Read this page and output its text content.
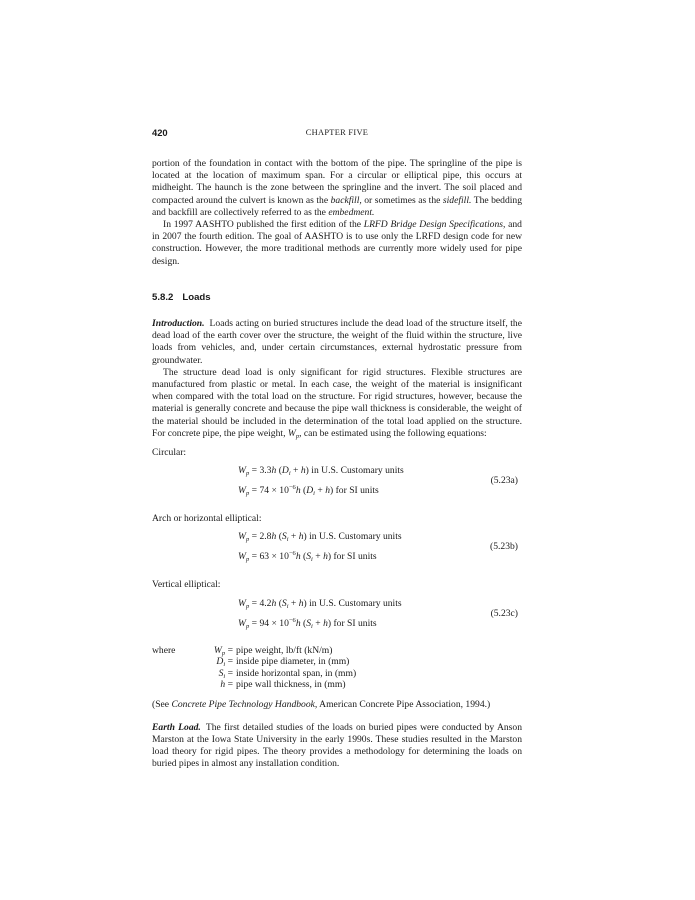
420	CHAPTER FIVE

portion of the foundation in contact with the bottom of the pipe. The springline of the pipe is located at the location of maximum span. For a circular or elliptical pipe, this occurs at midheight. The haunch is the zone between the springline and the invert. The soil placed and compacted around the culvert is known as the backfill, or sometimes as the sidefill. The bedding and backfill are collectively referred to as the embedment.

In 1997 AASHTO published the first edition of the LRFD Bridge Design Specifications, and in 2007 the fourth edition. The goal of AASHTO is to use only the LRFD design code for new construction. However, the more traditional methods are currently more widely used for pipe design.

5.8.2 Loads

Introduction. Loads acting on buried structures include the dead load of the structure itself, the dead load of the earth cover over the structure, the weight of the fluid within the structure, live loads from vehicles, and, under certain circumstances, external hydrostatic pressure from groundwater.

The structure dead load is only significant for rigid structures. Flexible structures are manufactured from plastic or metal. In each case, the weight of the material is insignificant when compared with the total load on the structure. For rigid structures, however, because the material is generally concrete and because the pipe wall thickness is considerable, the weight of the material should be included in the determination of the total load applied on the structure. For concrete pipe, the pipe weight, $W_p$, can be estimated using the following equations:

Circular:
$W_p = 3.3h$ $(D_i + h)$ in U.S. Customary units
$W_p = 74 \times 10^{-6}h$ $(D_i + h)$ for SI units
(5.23a)
Arch or horizontal elliptical:
$W_p = 2.8h$ $(S_i + h)$ in U.S. Customary units
$W_p = 63 \times 10^{-6}h$ $(S_i + h)$ for SI units
(5.23b)
Vertical elliptical:
$W_p = 4.2h$ $(S_i + h)$ in U.S. Customary units
$W_p = 94 \times 10^{-6}h$ $(S_i + h)$ for SI units
(5.23c)
where	$W_p$ = pipe weight, lb/ft (kN/m)
$D_i$ = inside pipe diameter, in (mm)
$S_i$ = inside horizontal span, in (mm)
h = pipe wall thickness, in (mm)

(See Concrete Pipe Technology Handbook, American Concrete Pipe Association, 1994.)

Earth Load. The first detailed studies of the loads on buried pipes were conducted by Anson Marston at the Iowa State University in the early 1990s. These studies resulted in the Marston load theory for rigid pipes. The theory provides a methodology for determining the loads on buried pipes in almost any installation condition.
